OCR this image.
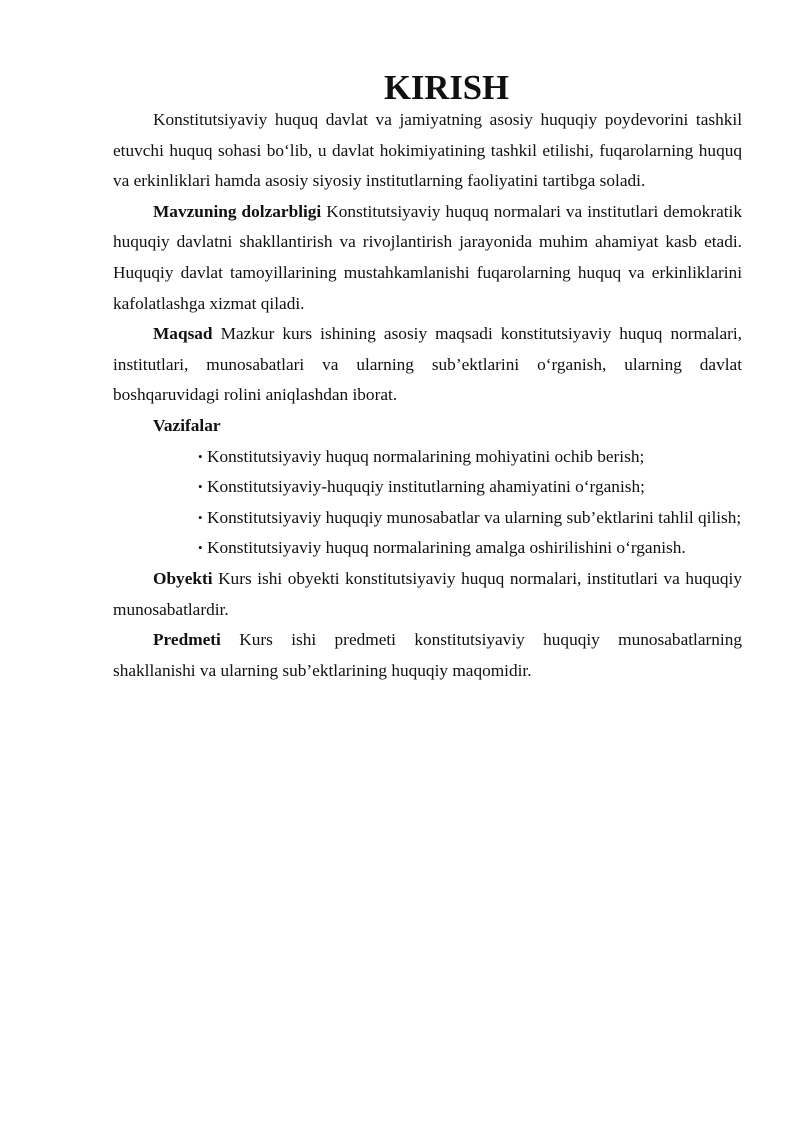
KIRISH

Konstitutsiyaviy huquq davlat va jamiyatning asosiy huquqiy poydevorini tashkil etuvchi huquq sohasi bo‘lib, u davlat hokimiyatining tashkil etilishi, fuqarolarning huquq va erkinliklari hamda asosiy siyosiy institutlarning faoliyatini tartibga soladi.

Mavzuning dolzarbligi Konstitutsiyaviy huquq normalari va institutlari demokratik huquqiy davlatni shakllantirish va rivojlantirish jarayonida muhim ahamiyat kasb etadi. Huquqiy davlat tamoyillarining mustahkamlanishi fuqarolarning huquq va erkinliklarini kafolatlashga xizmat qiladi.

Maqsad Mazkur kurs ishining asosiy maqsadi konstitutsiyaviy huquq normalari, institutlari, munosabatlari va ularning sub’ektlarini o‘rganish, ularning davlat boshqaruvidagi rolini aniqlashdan iborat.

Vazifalar
• Konstitutsiyaviy huquq normalarining mohiyatini ochib berish;
• Konstitutsiyaviy-huquqiy institutlarning ahamiyatini o‘rganish;
• Konstitutsiyaviy huquqiy munosabatlar va ularning sub’ektlarini tahlil qilish;
• Konstitutsiyaviy huquq normalarining amalga oshirilishini o‘rganish.

Obyekti Kurs ishi obyekti konstitutsiyaviy huquq normalari, institutlari va huquqiy munosabatlardir.

Predmeti Kurs ishi predmeti konstitutsiyaviy huquqiy munosabatlarning shakllanishi va ularning sub’ektlarining huquqiy maqomidir.
